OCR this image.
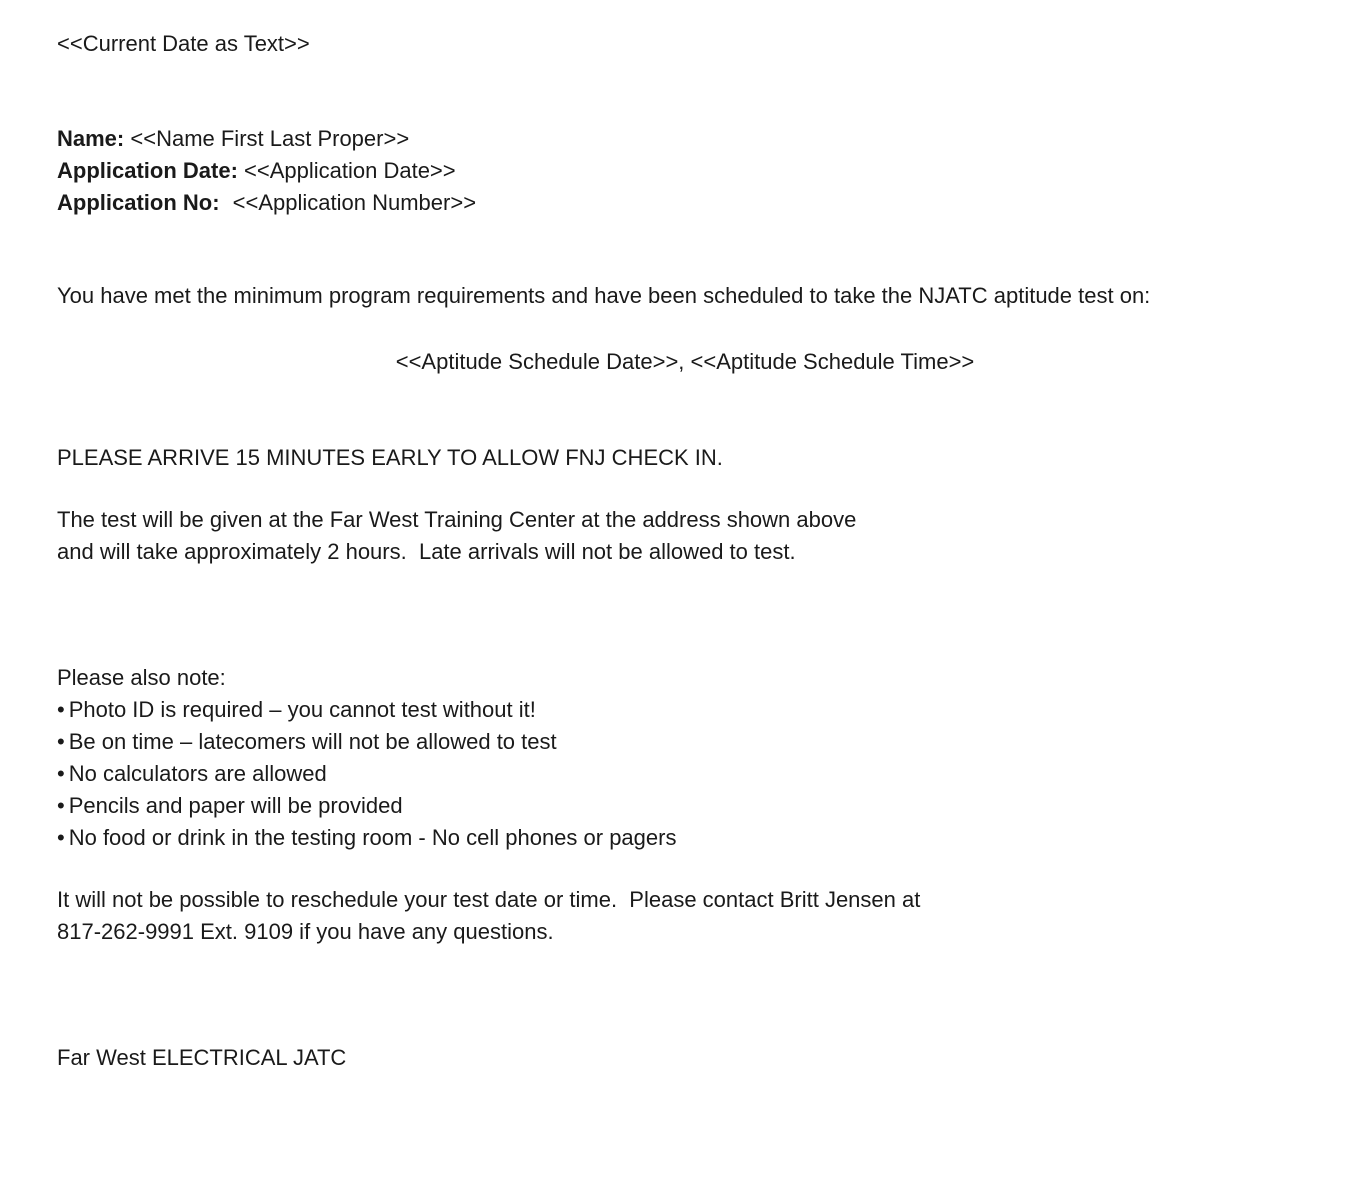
<<Current Date as Text>>
Name: <<Name First Last Proper>>
Application Date: <<Application Date>>
Application No: <<Application Number>>
You have met the minimum program requirements and have been scheduled to take the NJATC aptitude test on:
<<Aptitude Schedule Date>>, <<Aptitude Schedule Time>>
PLEASE ARRIVE 15 MINUTES EARLY TO ALLOW FNJ CHECK IN.
The test will be given at the Far West Training Center at the address shown above
and will take approximately 2 hours.  Late arrivals will not be allowed to test.
Please also note:
• Photo ID is required – you cannot test without it!
• Be on time – latecomers will not be allowed to test
• No calculators are allowed
• Pencils and paper will be provided
• No food or drink in the testing room - No cell phones or pagers
It will not be possible to reschedule your test date or time.  Please contact Britt Jensen at
817-262-9991 Ext. 9109 if you have any questions.
Far West ELECTRICAL JATC
